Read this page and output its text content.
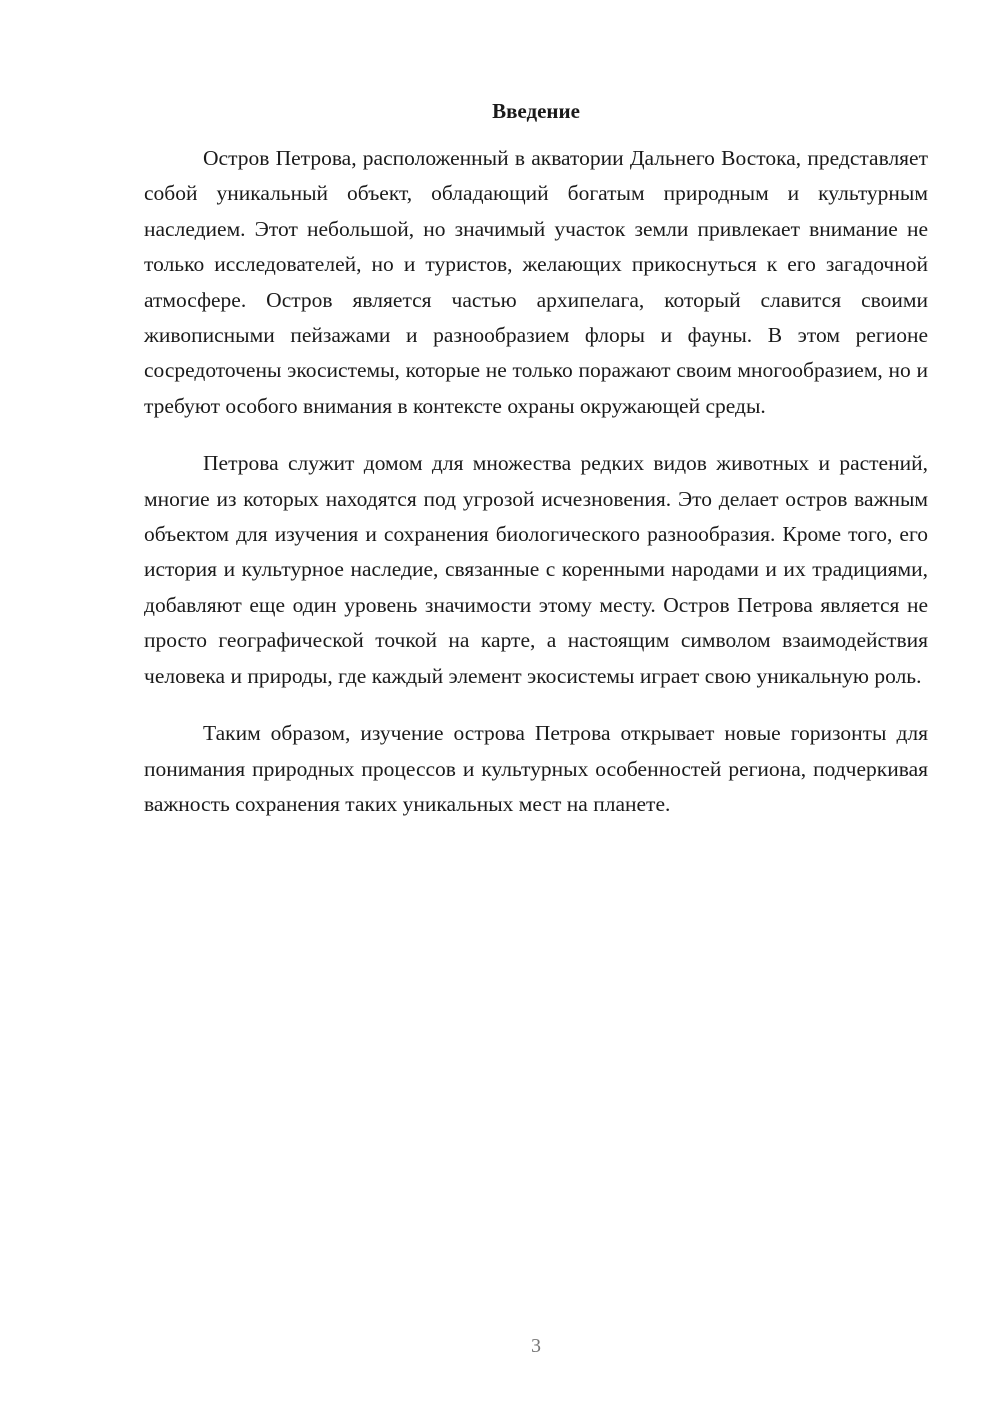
Введение

Остров Петрова, расположенный в акватории Дальнего Востока, представляет собой уникальный объект, обладающий богатым природным и культурным наследием. Этот небольшой, но значимый участок земли привлекает внимание не только исследователей, но и туристов, желающих прикоснуться к его загадочной атмосфере. Остров является частью архипелага, который славится своими живописными пейзажами и разнообразием флоры и фауны. В этом регионе сосредоточены экосистемы, которые не только поражают своим многообразием, но и требуют особого внимания в контексте охраны окружающей среды.

Петрова служит домом для множества редких видов животных и растений, многие из которых находятся под угрозой исчезновения. Это делает остров важным объектом для изучения и сохранения биологического разнообразия. Кроме того, его история и культурное наследие, связанные с коренными народами и их традициями, добавляют еще один уровень значимости этому месту. Остров Петрова является не просто географической точкой на карте, а настоящим символом взаимодействия человека и природы, где каждый элемент экосистемы играет свою уникальную роль.

Таким образом, изучение острова Петрова открывает новые горизонты для понимания природных процессов и культурных особенностей региона, подчеркивая важность сохранения таких уникальных мест на планете.

3
